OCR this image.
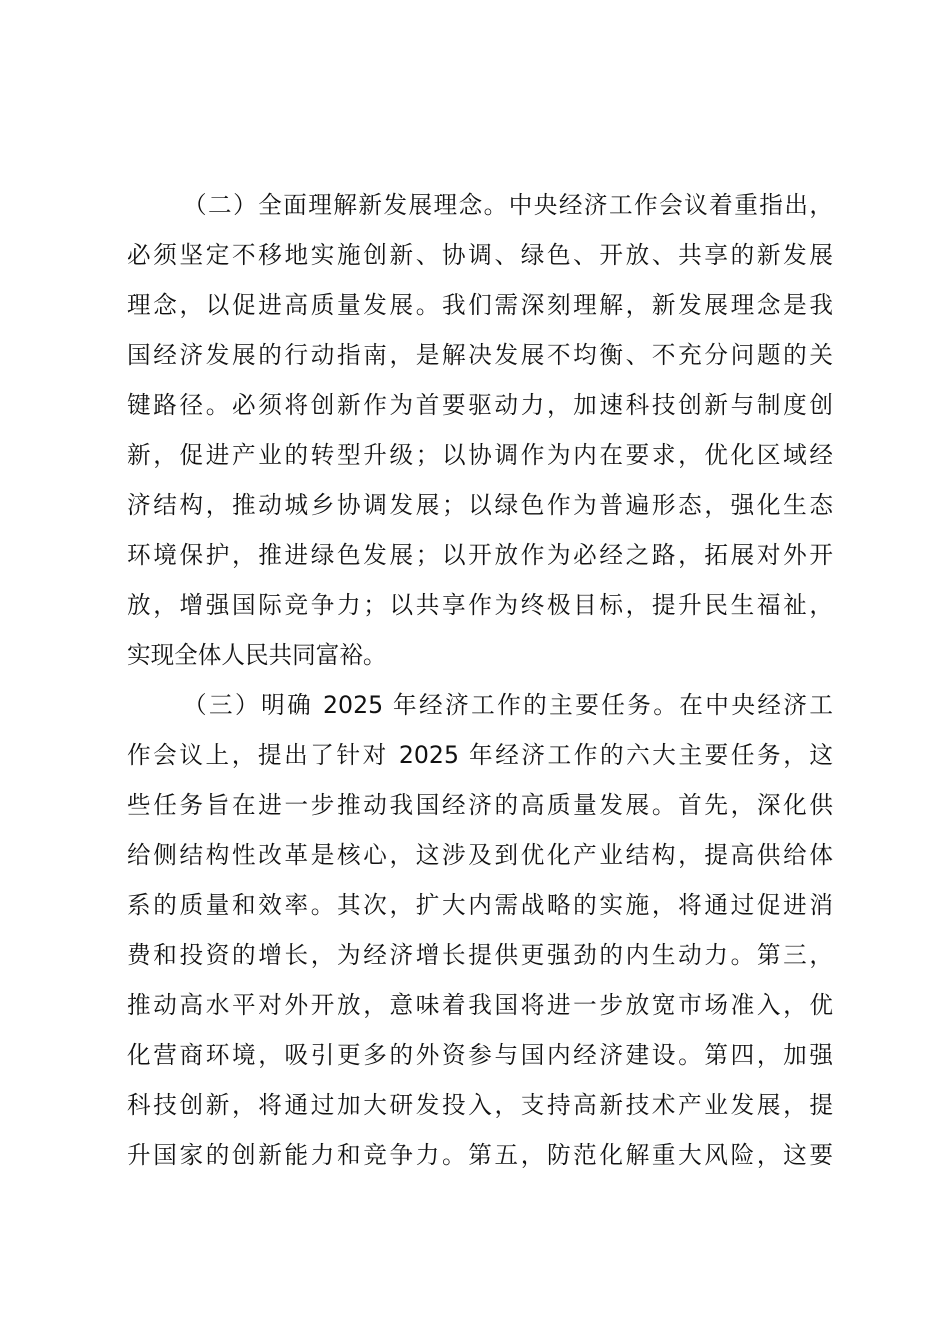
（二）全面理解新发展理念。中央经济工作会议着重指出，
必须坚定不移地实施创新、协调、绿色、开放、共享的新发展
理念，以促进高质量发展。我们需深刻理解，新发展理念是我
国经济发展的行动指南，是解决发展不均衡、不充分问题的关
键路径。必须将创新作为首要驱动力，加速科技创新与制度创
新，促进产业的转型升级；以协调作为内在要求，优化区域经
济结构，推动城乡协调发展；以绿色作为普遍形态，强化生态
环境保护，推进绿色发展；以开放作为必经之路，拓展对外开
放，增强国际竞争力；以共享作为终极目标，提升民生福祉，
实现全体人民共同富裕。
（三）明确 2025 年经济工作的主要任务。在中央经济工
作会议上，提出了针对 2025 年经济工作的六大主要任务，这
些任务旨在进一步推动我国经济的高质量发展。首先，深化供
给侧结构性改革是核心，这涉及到优化产业结构，提高供给体
系的质量和效率。其次，扩大内需战略的实施，将通过促进消
费和投资的增长，为经济增长提供更强劲的内生动力。第三，
推动高水平对外开放，意味着我国将进一步放宽市场准入，优
化营商环境，吸引更多的外资参与国内经济建设。第四，加强
科技创新，将通过加大研发投入，支持高新技术产业发展，提
升国家的创新能力和竞争力。第五，防范化解重大风险，这要
